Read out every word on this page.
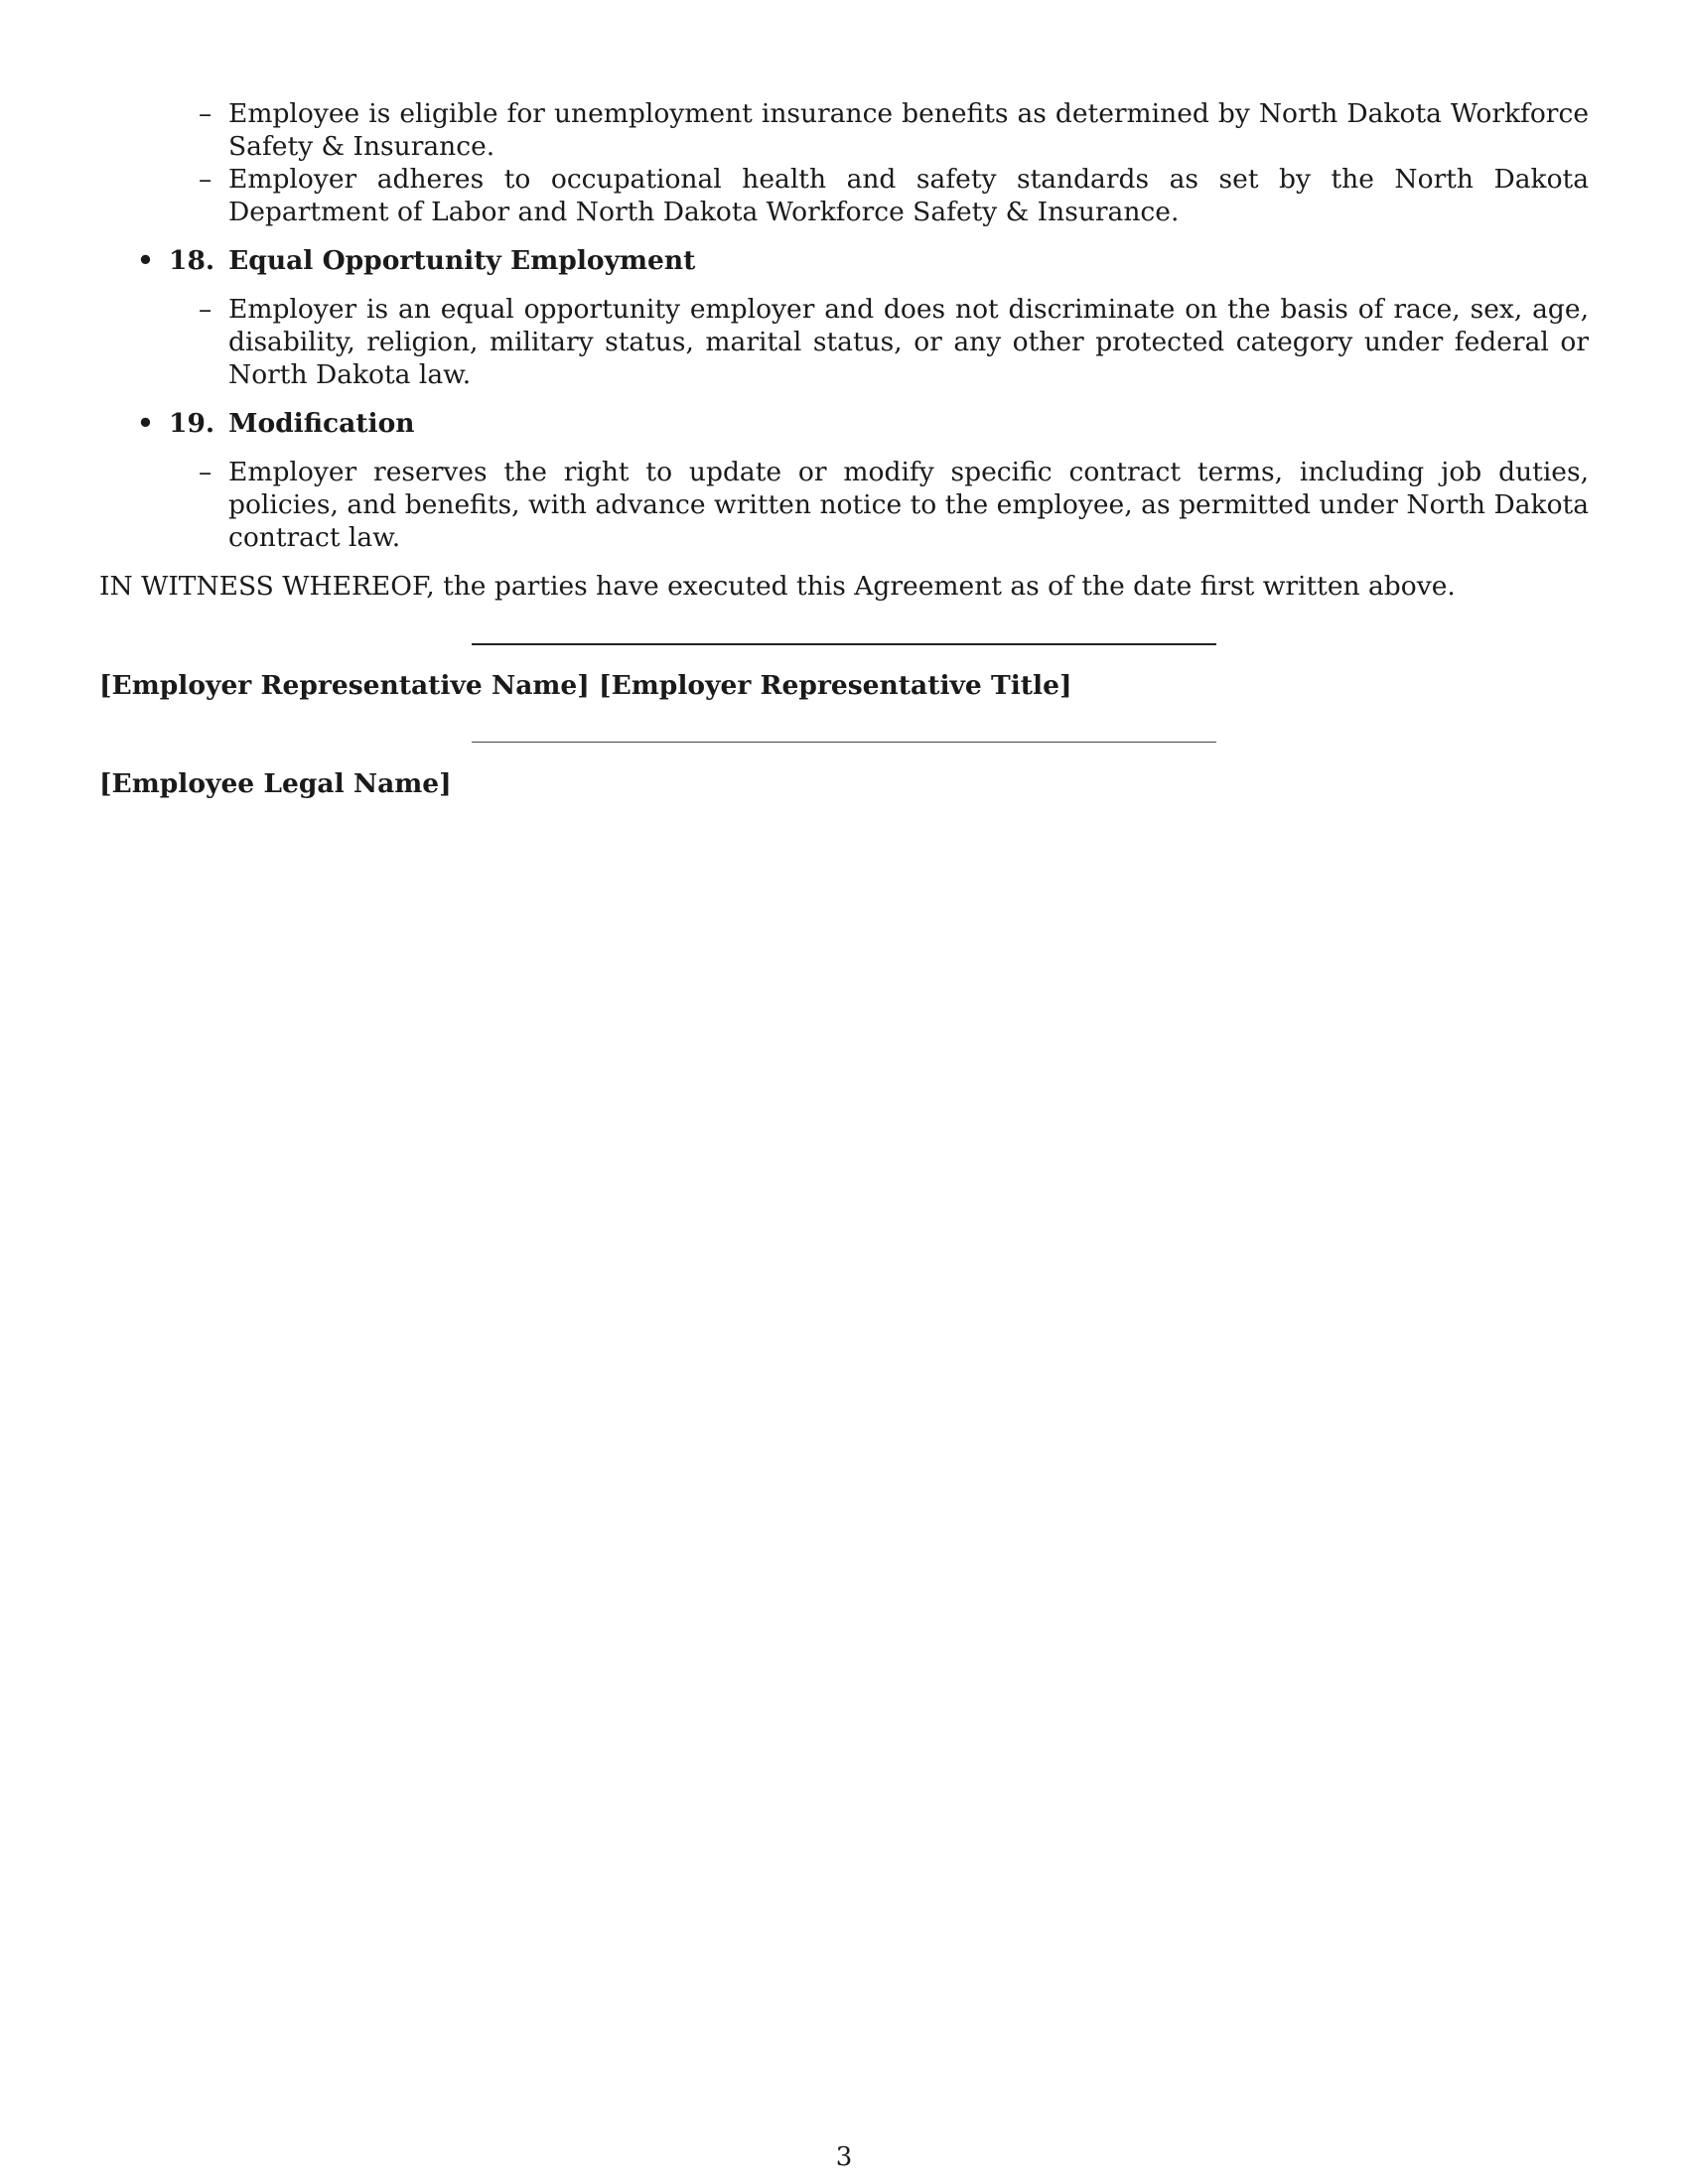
– Employee is eligible for unemployment insurance benefits as determined by North Dakota Workforce Safety & Insurance.
– Employer adheres to occupational health and safety standards as set by the North Dakota Department of Labor and North Dakota Workforce Safety & Insurance.
• 18. Equal Opportunity Employment
– Employer is an equal opportunity employer and does not discriminate on the basis of race, sex, age, disability, religion, military status, marital status, or any other protected category under federal or North Dakota law.
• 19. Modification
– Employer reserves the right to update or modify specific contract terms, including job duties, policies, and benefits, with advance written notice to the employee, as permitted under North Dakota contract law.
IN WITNESS WHEREOF, the parties have executed this Agreement as of the date first written above.
[Employer Representative Name] [Employer Representative Title]
[Employee Legal Name]
3
